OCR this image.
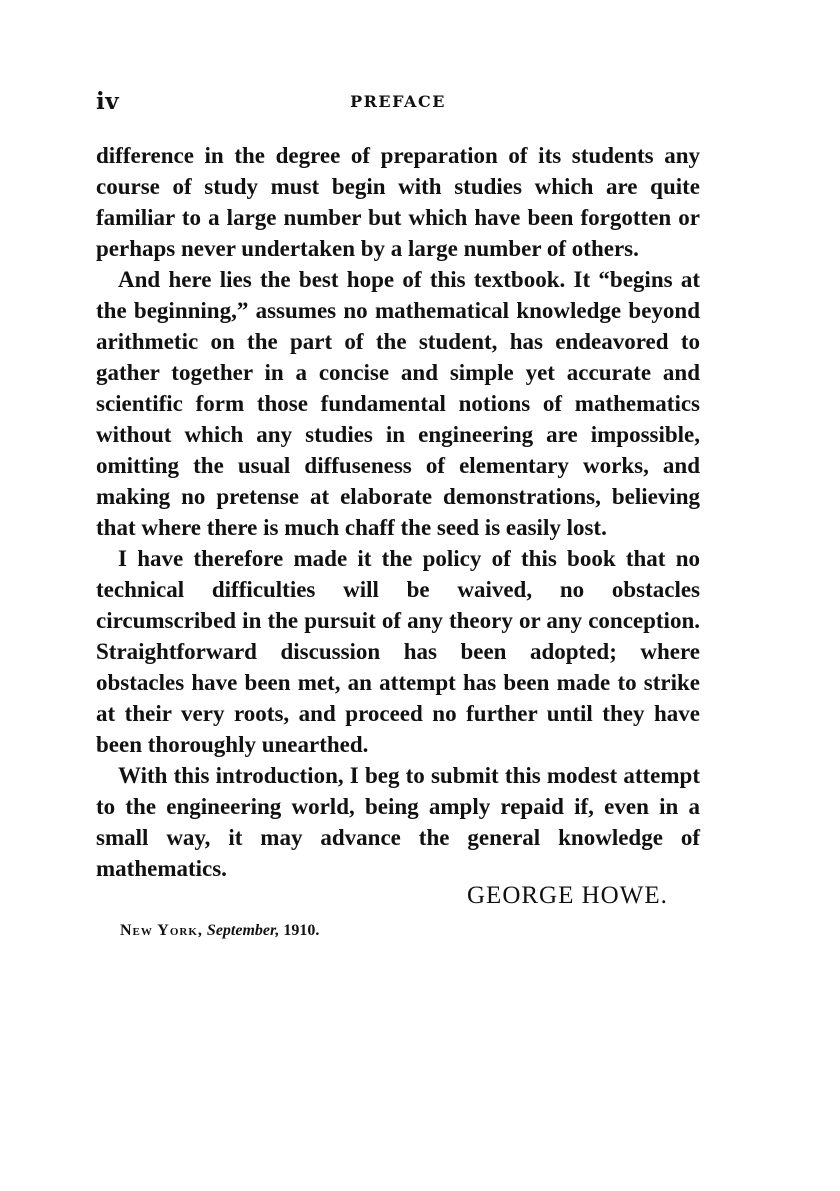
iv	PREFACE

difference in the degree of preparation of its students any course of study must begin with studies which are quite familiar to a large number but which have been forgotten or perhaps never undertaken by a large number of others.

And here lies the best hope of this textbook. It “begins at the beginning,” assumes no mathematical knowledge beyond arithmetic on the part of the student, has endeavored to gather together in a concise and simple yet accurate and scientific form those fundamental notions of mathematics without which any studies in engineering are impossible, omitting the usual diffuseness of elementary works, and making no pretense at elaborate demonstrations, believing that where there is much chaff the seed is easily lost.

I have therefore made it the policy of this book that no technical difficulties will be waived, no obstacles circumscribed in the pursuit of any theory or any conception. Straightforward discussion has been adopted; where obstacles have been met, an attempt has been made to strike at their very roots, and proceed no further until they have been thoroughly unearthed.

With this introduction, I beg to submit this modest attempt to the engineering world, being amply repaid if, even in a small way, it may advance the general knowledge of mathematics.

GEORGE HOWE.
New York, September, 1910.
